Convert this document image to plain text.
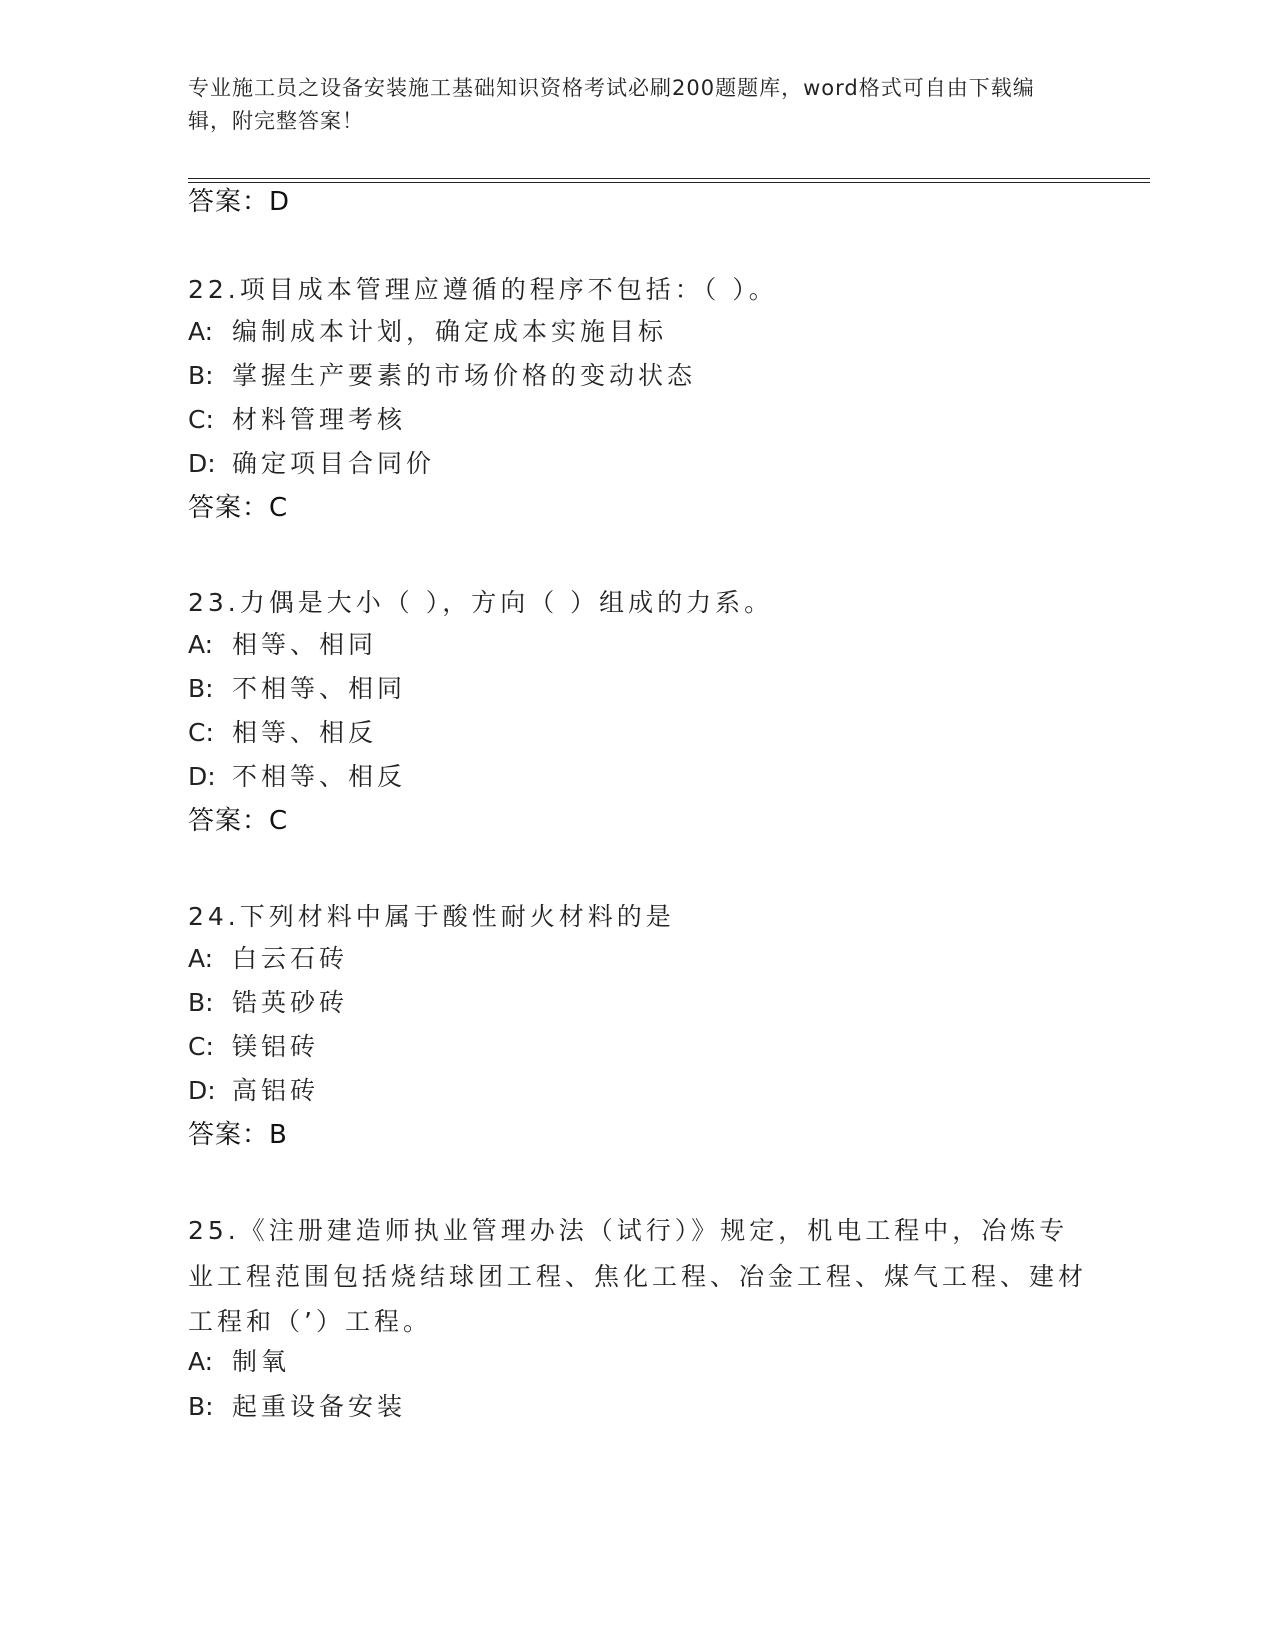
专业施工员之设备安装施工基础知识资格考试必刷200题题库，word格式可自由下载编辑，附完整答案！
答案：D
22.项目成本管理应遵循的程序不包括：（ ）。
A: 编制成本计划，确定成本实施目标
B: 掌握生产要素的市场价格的变动状态
C: 材料管理考核
D: 确定项目合同价
答案：C
23.力偶是大小（ ），方向（ ）组成的力系。
A: 相等、相同
B: 不相等、相同
C: 相等、相反
D: 不相等、相反
答案：C
24.下列材料中属于酸性耐火材料的是
A: 白云石砖
B: 锆英砂砖
C: 镁铝砖
D: 高铝砖
答案：B
25.《注册建造师执业管理办法（试行）》规定，机电工程中，冶炼专业工程范围包括烧结球团工程、焦化工程、冶金工程、煤气工程、建材工程和（’）工程。
A: 制氧
B: 起重设备安装
